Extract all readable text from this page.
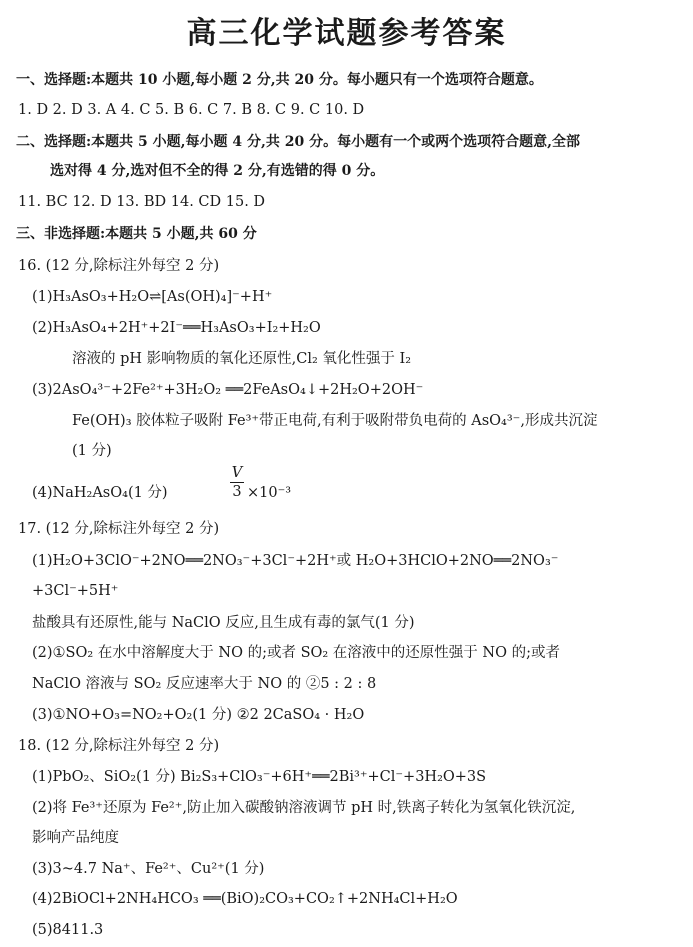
高三化学试题参考答案
一、选择题:本题共 10 小题,每小题 2 分,共 20 分。每小题只有一个选项符合题意。
1. D 2. D 3. A 4. C 5. B 6. C 7. B 8. C 9. C 10. D
二、选择题:本题共 5 小题,每小题 4 分,共 20 分。每小题有一个或两个选项符合题意,全部
选对得 4 分,选对但不全的得 2 分,有选错的得 0 分。
11. BC 12. D 13. BD 14. CD 15. D
三、非选择题:本题共 5 小题,共 60 分
16. (12 分,除标注外每空 2 分)
(1)H₃AsO₃+H₂O⇌[As(OH)₄]⁻+H⁺
(2)H₃AsO₄+2H⁺+2I⁻══H₃AsO₃+I₂+H₂O
溶液的 pH 影响物质的氧化还原性,Cl₂ 氧化性强于 I₂
(3)2AsO₄³⁻+2Fe²⁺+3H₂O₂ ══2FeAsO₄↓+2H₂O+2OH⁻
Fe(OH)₃ 胶体粒子吸附 Fe³⁺带正电荷,有利于吸附带负电荷的 AsO₄³⁻,形成共沉淀
(1 分)
(4)NaH₂AsO₄(1 分)
V
3 ×10⁻³
17. (12 分,除标注外每空 2 分)
(1)H₂O+3ClO⁻+2NO══2NO₃⁻+3Cl⁻+2H⁺或 H₂O+3HClO+2NO══2NO₃⁻
+3Cl⁻+5H⁺
盐酸具有还原性,能与 NaClO 反应,且生成有毒的氯气(1 分)
(2)①SO₂ 在水中溶解度大于 NO 的;或者 SO₂ 在溶液中的还原性强于 NO 的;或者
NaClO 溶液与 SO₂ 反应速率大于 NO 的 ②5 : 2 : 8
(3)①NO+O₃=NO₂+O₂(1 分) ②2 2CaSO₄ · H₂O
18. (12 分,除标注外每空 2 分)
(1)PbO₂、SiO₂(1 分) Bi₂S₃+ClO₃⁻+6H⁺══2Bi³⁺+Cl⁻+3H₂O+3S
(2)将 Fe³⁺还原为 Fe²⁺,防止加入碳酸钠溶液调节 pH 时,铁离子转化为氢氧化铁沉淀,
影响产品纯度
(3)3~4.7 Na⁺、Fe²⁺、Cu²⁺(1 分)
(4)2BiOCl+2NH₄HCO₃ ══(BiO)₂CO₃+CO₂↑+2NH₄Cl+H₂O
(5)8411.3
